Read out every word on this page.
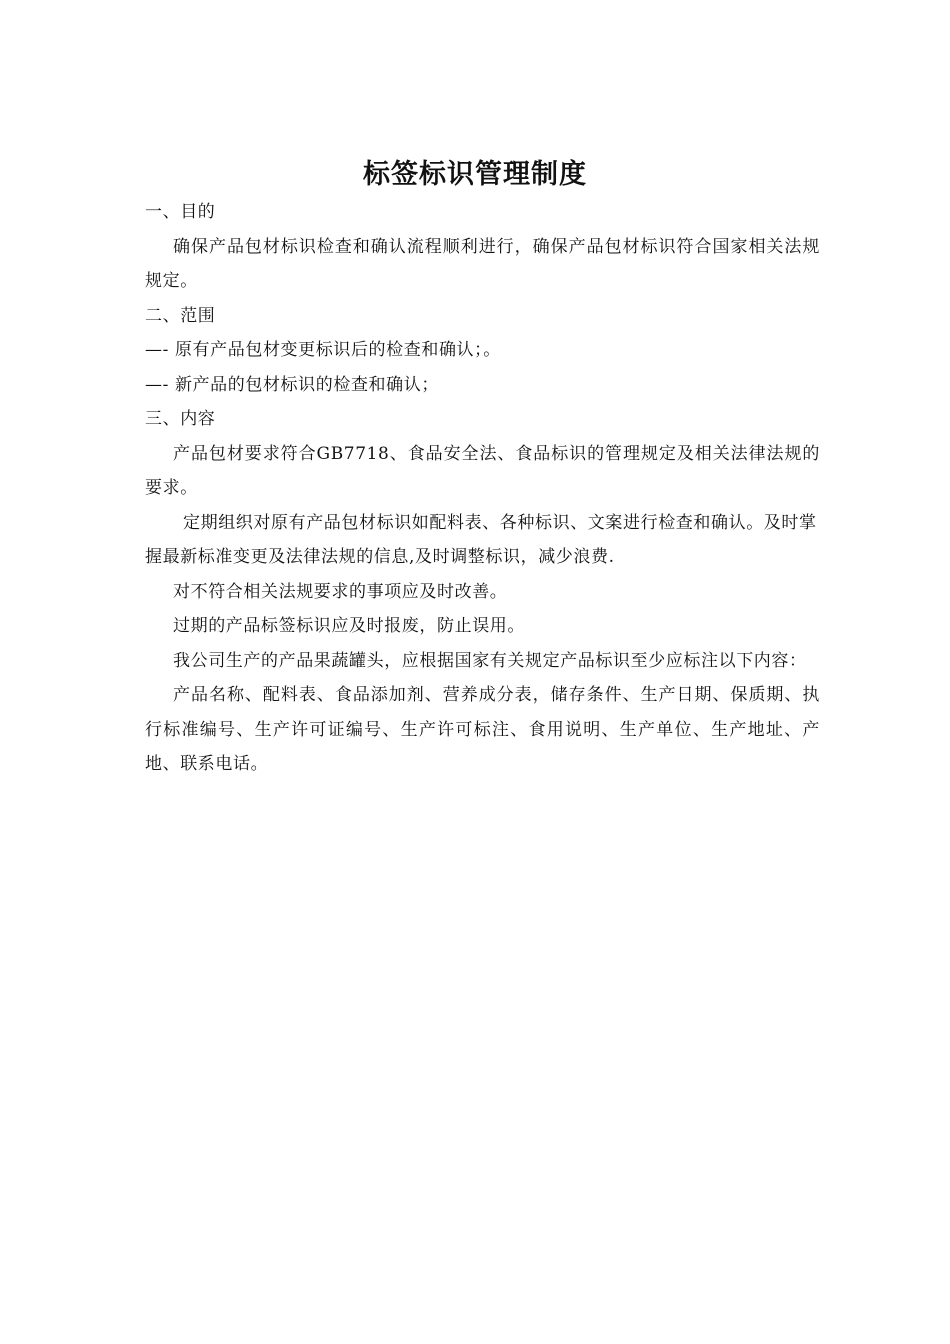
标签标识管理制度

一、目的

确保产品包材标识检查和确认流程顺利进行，确保产品包材标识符合国家相关法规规定。

二、范围

—- 原有产品包材变更标识后的检查和确认；。

—- 新产品的包材标识的检查和确认；

三、内容

产品包材要求符合GB7718、食品安全法、食品标识的管理规定及相关法律法规的要求。

定期组织对原有产品包材标识如配料表、各种标识、文案进行检查和确认。及时掌握最新标准变更及法律法规的信息,及时调整标识，减少浪费.

对不符合相关法规要求的事项应及时改善。

过期的产品标签标识应及时报废，防止误用。

我公司生产的产品果蔬罐头，应根据国家有关规定产品标识至少应标注以下内容：

产品名称、配料表、食品添加剂、营养成分表，储存条件、生产日期、保质期、执行标准编号、生产许可证编号、生产许可标注、食用说明、生产单位、生产地址、产地、联系电话。
